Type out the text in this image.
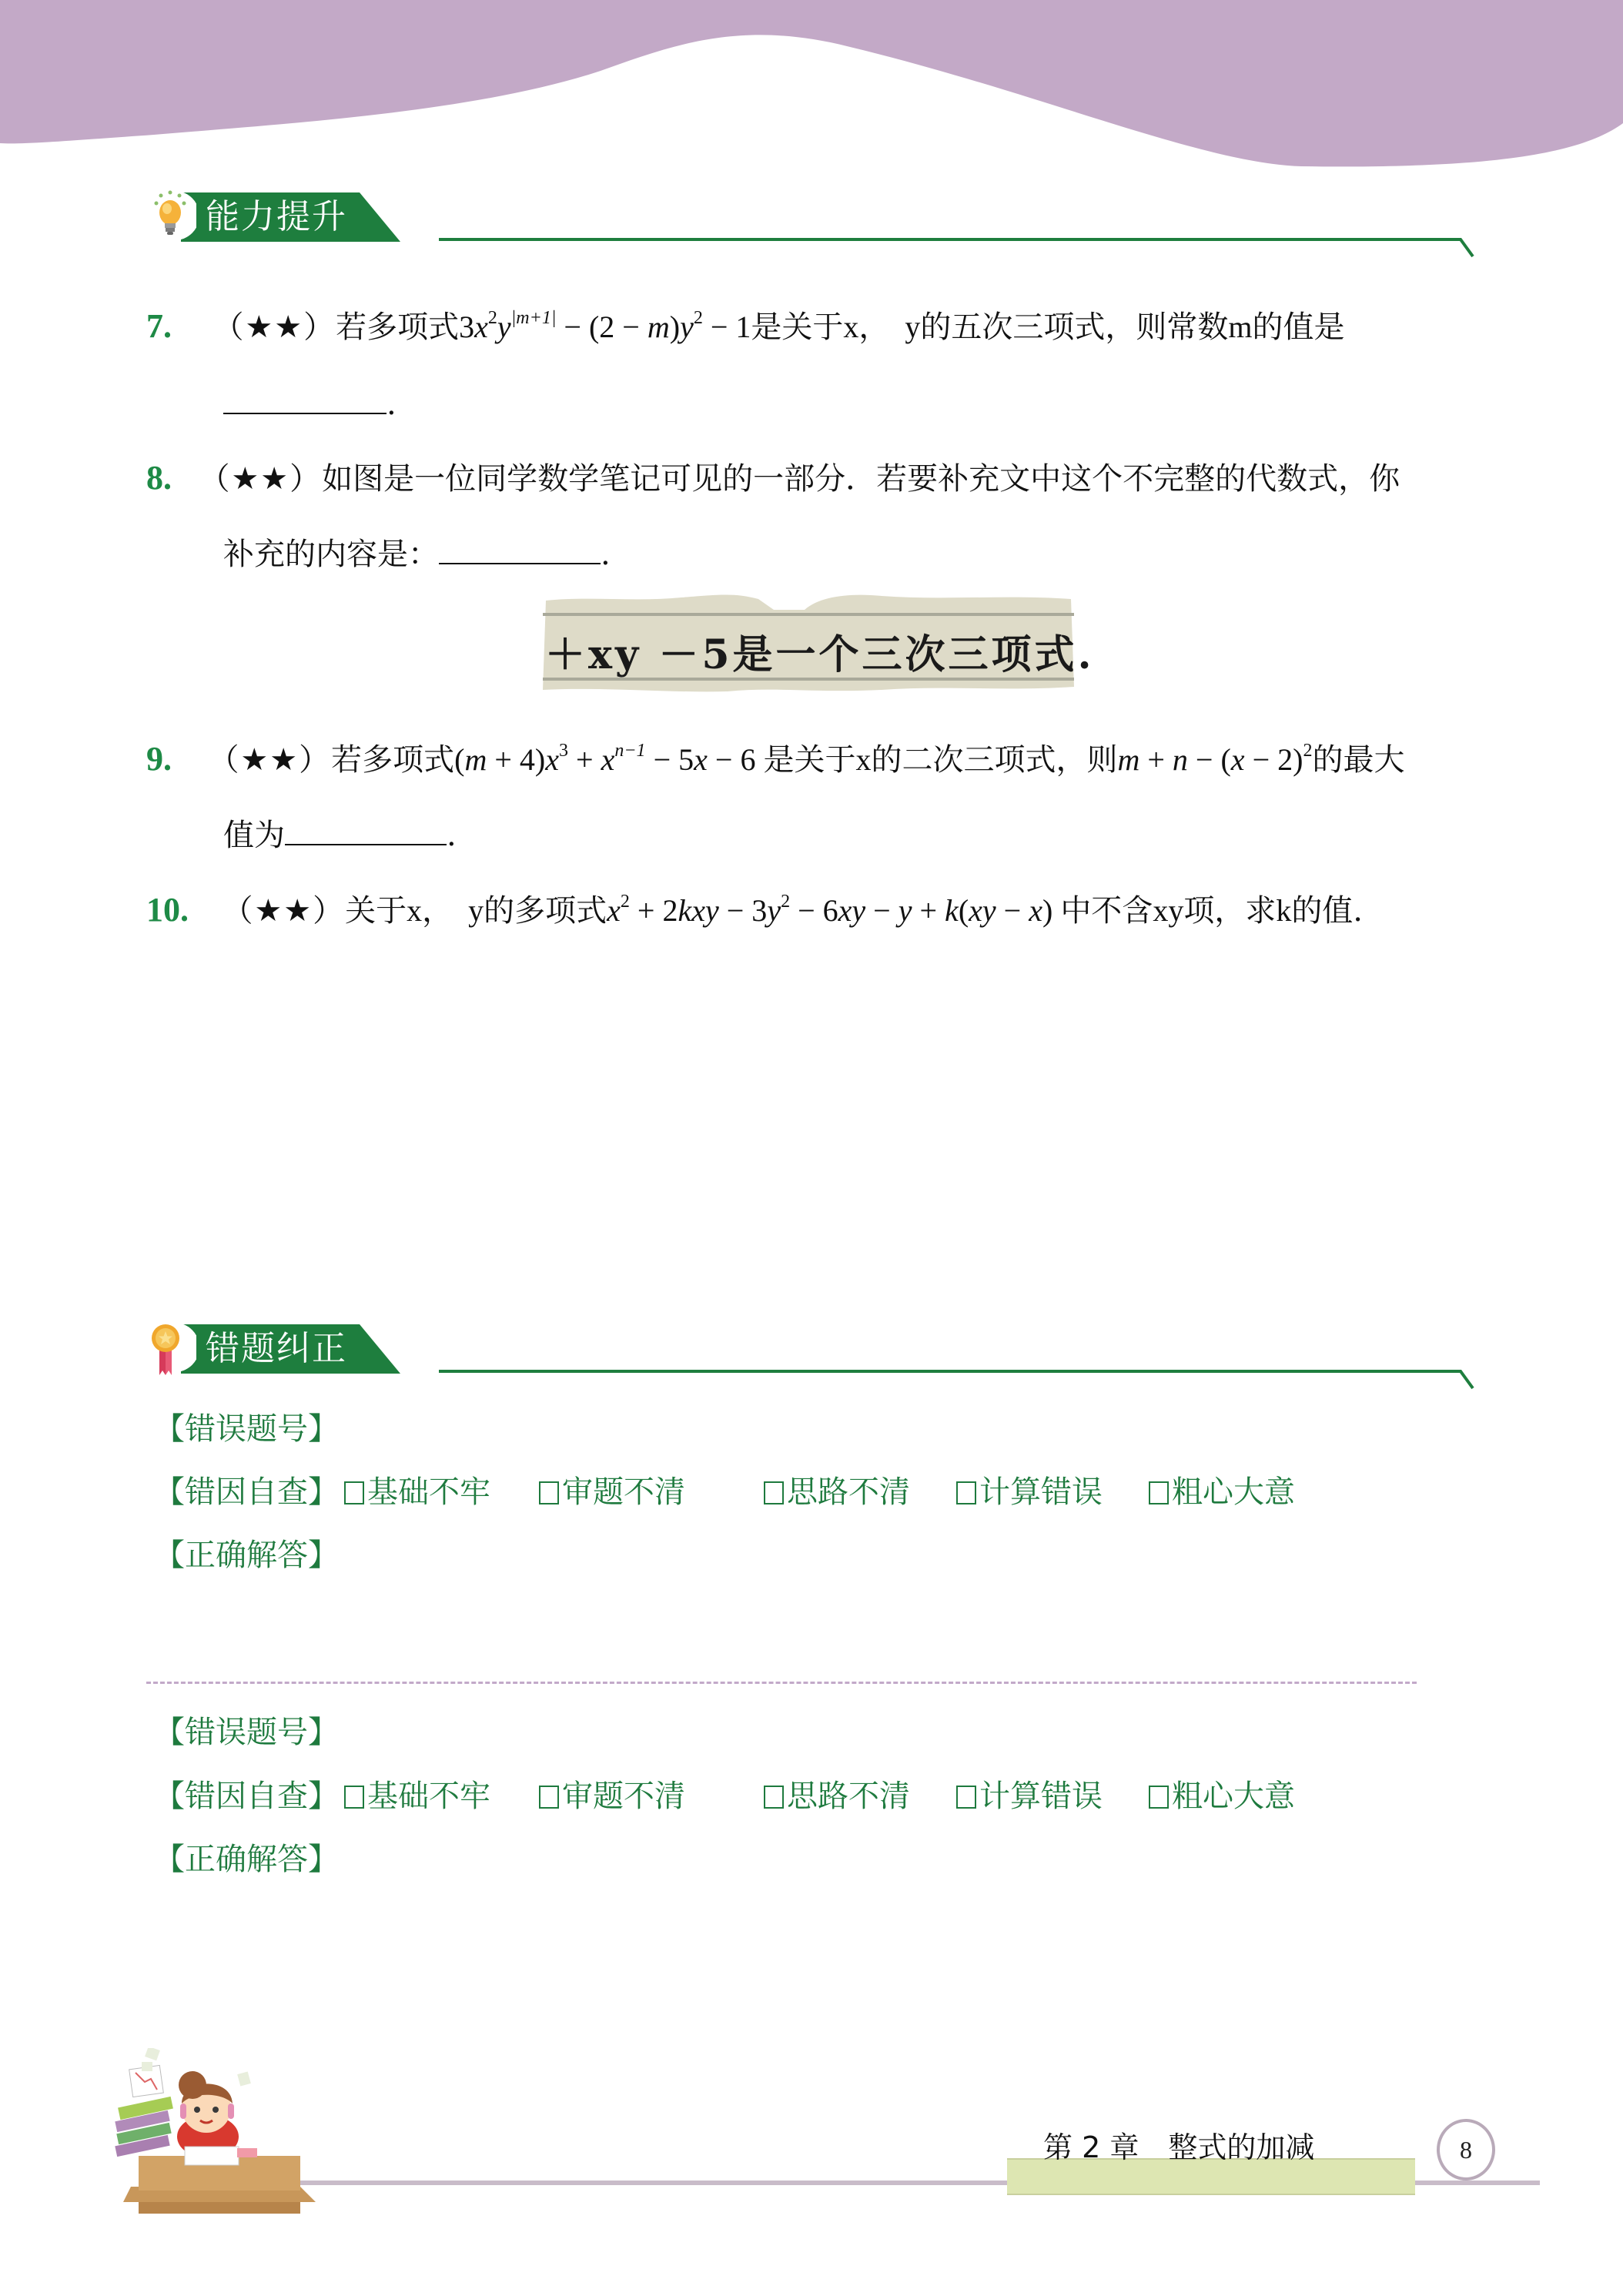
能力提升
7. （★★）若多项式$3x^2y^{|m+1|} - (2 - m)y^2 - 1$是关于x， y的五次三项式，则常数m的值是
.
8. （★★）如图是一位同学数学笔记可见的一部分．若要补充文中这个不完整的代数式，你
补充的内容是：	.
＋xy －5是一个三次三项式.
9. （★★）若多项式$(m + 4)x^3 + x^{n-1} - 5x - 6$ 是关于x的二次三项式，则$m + n - (x - 2)^2$的最大
值为	.
10. （★★）关于x， y的多项式$x^2 + 2kxy - 3y^2 - 6xy - y + k(xy - x)$ 中不含xy项，求k的值.
错题纠正
【错误题号】
【错因自查】 基础不牢	审题不清	思路不清	计算错误	粗心大意
【正确解答】
【错误题号】
【错因自查】 基础不牢	审题不清	思路不清	计算错误	粗心大意
【正确解答】
第 2 章　整式的加减	8
